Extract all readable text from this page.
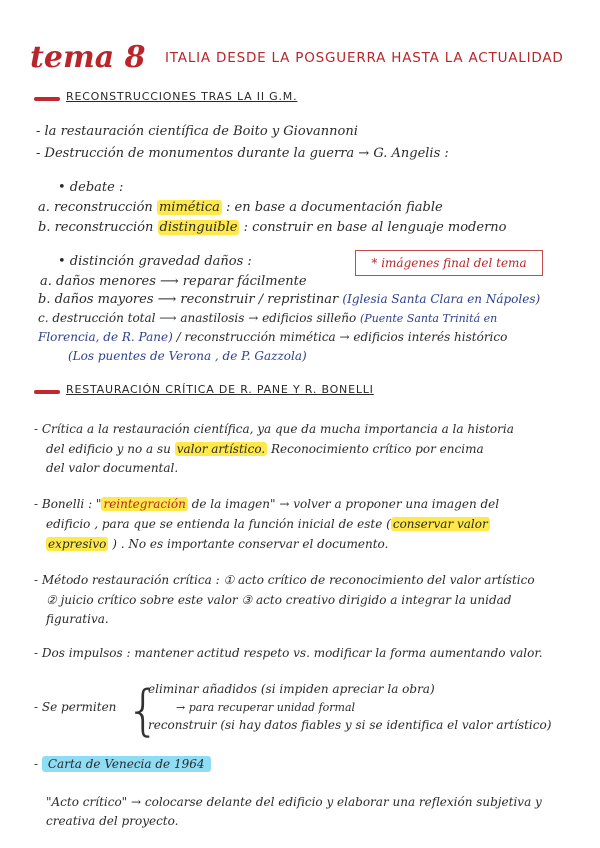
tema 8 ITALIA DESDE LA POSGUERRA HASTA LA ACTUALIDAD
RECONSTRUCCIONES TRAS LA II G.M.
- la restauración científica de Boito y Giovannoni
- Destrucción de monumentos durante la guerra → G. Angelis :
• debate :
a. reconstrucción mimética : en base a documentación fiable
b. reconstrucción distinguible : construir en base al lenguaje moderno
• distinción gravedad daños :	* imágenes final del tema
a. daños menores ⟶ reparar fácilmente
b. daños mayores ⟶ reconstruir / repristinar (Iglesia Santa Clara en Nápoles)
c. destrucción total ⟶ anastilosis → edificios silleño (Puente Santa Trinitá en
Florencia, de R. Pane) / reconstrucción mimética → edificios interés histórico
(Los puentes de Verona , de P. Gazzola)
RESTAURACIÓN CRÍTICA DE R. PANE Y R. BONELLI
- Crítica a la restauración científica, ya que da mucha importancia a la historia
del edificio y no a su valor artístico. Reconocimiento crítico por encima
del valor documental.
- Bonelli : " reintegración de la imagen" → volver a proponer una imagen del
edificio , para que se entienda la función inicial de este ( conservar valor
expresivo ) . No es importante conservar el documento.
- Método restauración crítica : ① acto crítico de reconocimiento del valor artístico
② juicio crítico sobre este valor ③ acto creativo dirigido a integrar la unidad
figurativa.
- Dos impulsos : mantener actitud respeto vs. modificar la forma aumentando valor.
- Se permiten {
eliminar añadidos (si impiden apreciar la obra)
→ para recuperar unidad formal
reconstruir (si hay datos fiables y si se identifica el valor artístico)
- Carta de Venecia de 1964
"Acto crítico" → colocarse delante del edificio y elaborar una reflexión subjetiva y
creativa del proyecto.
